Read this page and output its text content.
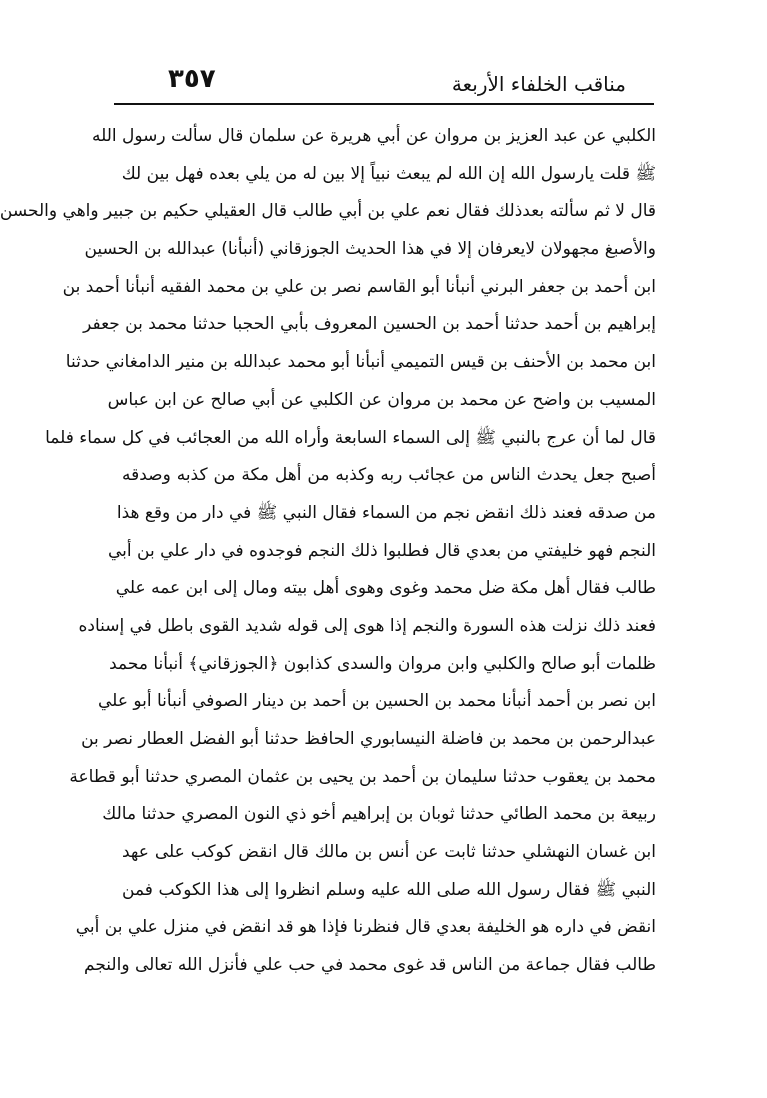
٣٥٧	مناقب الخلفاء الأربعة
الكلبي عن عبد العزيز بن مروان عن أبي هريرة عن سلمان قال سألت رسول الله
ﷺ قلت يارسول الله إن الله لم يبعث نبياً إلا بين له من يلي بعده فهل بين لك
قال لا ثم سألته بعدذلك فقال نعم علي بن أبي طالب قال العقيلي حكيم بن جبير واهي والحسن
والأصبغ مجهولان لايعرفان إلا في هذا الحديث الجوزقاني (أنبأنا) عبدالله بن الحسين
ابن أحمد بن جعفر البرني أنبأنا أبو القاسم نصر بن علي بن محمد الفقيه أنبأنا أحمد بن
إبراهيم بن أحمد حدثنا أحمد بن الحسين المعروف بأبي الحجبا حدثنا محمد بن جعفر
ابن محمد بن الأحنف بن قيس التميمي أنبأنا أبو محمد عبدالله بن منير الدامغاني حدثنا
المسيب بن واضح عن محمد بن مروان عن الكلبي عن أبي صالح عن ابن عباس
قال لما أن عرج بالنبي ﷺ إلى السماء السابعة وأراه الله من العجائب في كل سماء فلما
أصبح جعل يحدث الناس من عجائب ربه وكذبه من أهل مكة من كذبه وصدقه
من صدقه فعند ذلك انقض نجم من السماء فقال النبي ﷺ في دار من وقع هذا
النجم فهو خليفتي من بعدي قال فطلبوا ذلك النجم فوجدوه في دار علي بن أبي
طالب فقال أهل مكة ضل محمد وغوى وهوى أهل بيته ومال إلى ابن عمه علي
فعند ذلك نزلت هذه السورة والنجم إذا هوى إلى قوله شديد القوى باطل في إسناده
ظلمات أبو صالح والكلبي وابن مروان والسدى كذابون ﴿الجوزقاني﴾ أنبأنا محمد
ابن نصر بن أحمد أنبأنا محمد بن الحسين بن أحمد بن دينار الصوفي أنبأنا أبو علي
عبدالرحمن بن محمد بن فاضلة النيسابوري الحافظ حدثنا أبو الفضل العطار نصر بن
محمد بن يعقوب حدثنا سليمان بن أحمد بن يحيى بن عثمان المصري حدثنا أبو قطاعة
ربيعة بن محمد الطائي حدثنا ثوبان بن إبراهيم أخو ذي النون المصري حدثنا مالك
ابن غسان النهشلي حدثنا ثابت عن أنس بن مالك قال انقض كوكب على عهد
النبي ﷺ فقال رسول الله صلى الله عليه وسلم انظروا إلى هذا الكوكب فمن
انقض في داره هو الخليفة بعدي قال فنظرنا فإذا هو قد انقض في منزل علي بن أبي
طالب فقال جماعة من الناس قد غوى محمد في حب علي فأنزل الله تعالى والنجم
